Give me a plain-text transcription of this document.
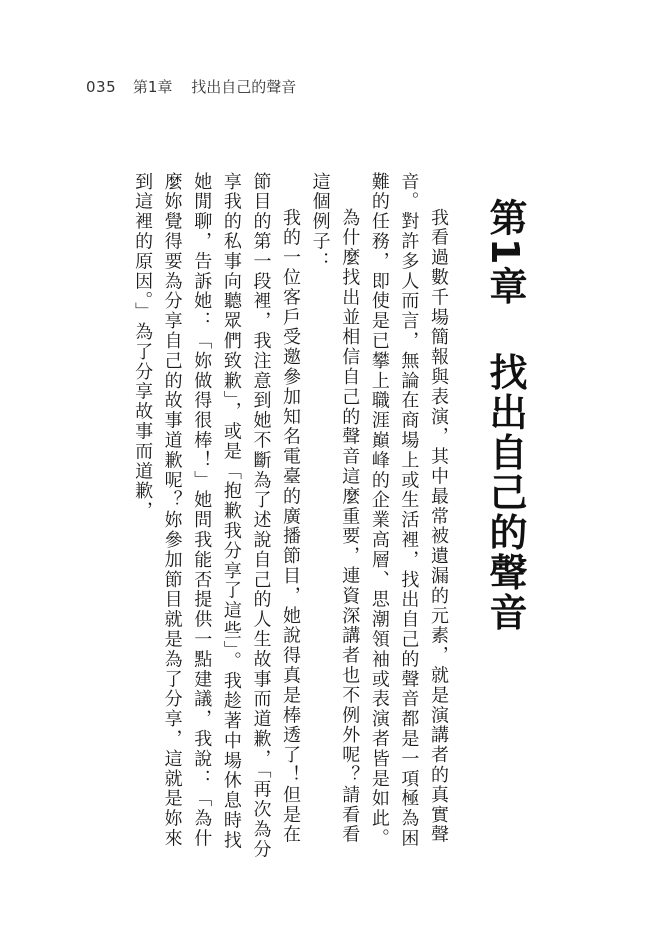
035 第1章 找出自己的聲音
第1章找出自己的聲音

我看過數千場簡報與表演，其中最常被遺漏的元素，就是演講者的真實聲音。對許多人而言，無論在商場上或生活裡，找出自己的聲音都是一項極為困難的任務，即使是已攀上職涯巔峰的企業高層、思潮領袖或表演者皆是如此。

為什麼找出並相信自己的聲音這麼重要，連資深講者也不例外呢？請看看這個例子：

我的一位客戶受邀參加知名電臺的廣播節目，她說得真是棒透了！但是在節目的第一段裡，我注意到她不斷為了述說自己的人生故事而道歉，「再次為分享我的私事向聽眾們致歉」，或是「抱歉我分享了這些」。我趁著中場休息時找她閒聊，告訴她：「妳做得很棒！」她問我能否提供一點建議，我說：「為什麼妳覺得要為分享自己的故事道歉呢？妳參加節目就是為了分享，這就是妳來到這裡的原因。」為了分享故事而道歉，
